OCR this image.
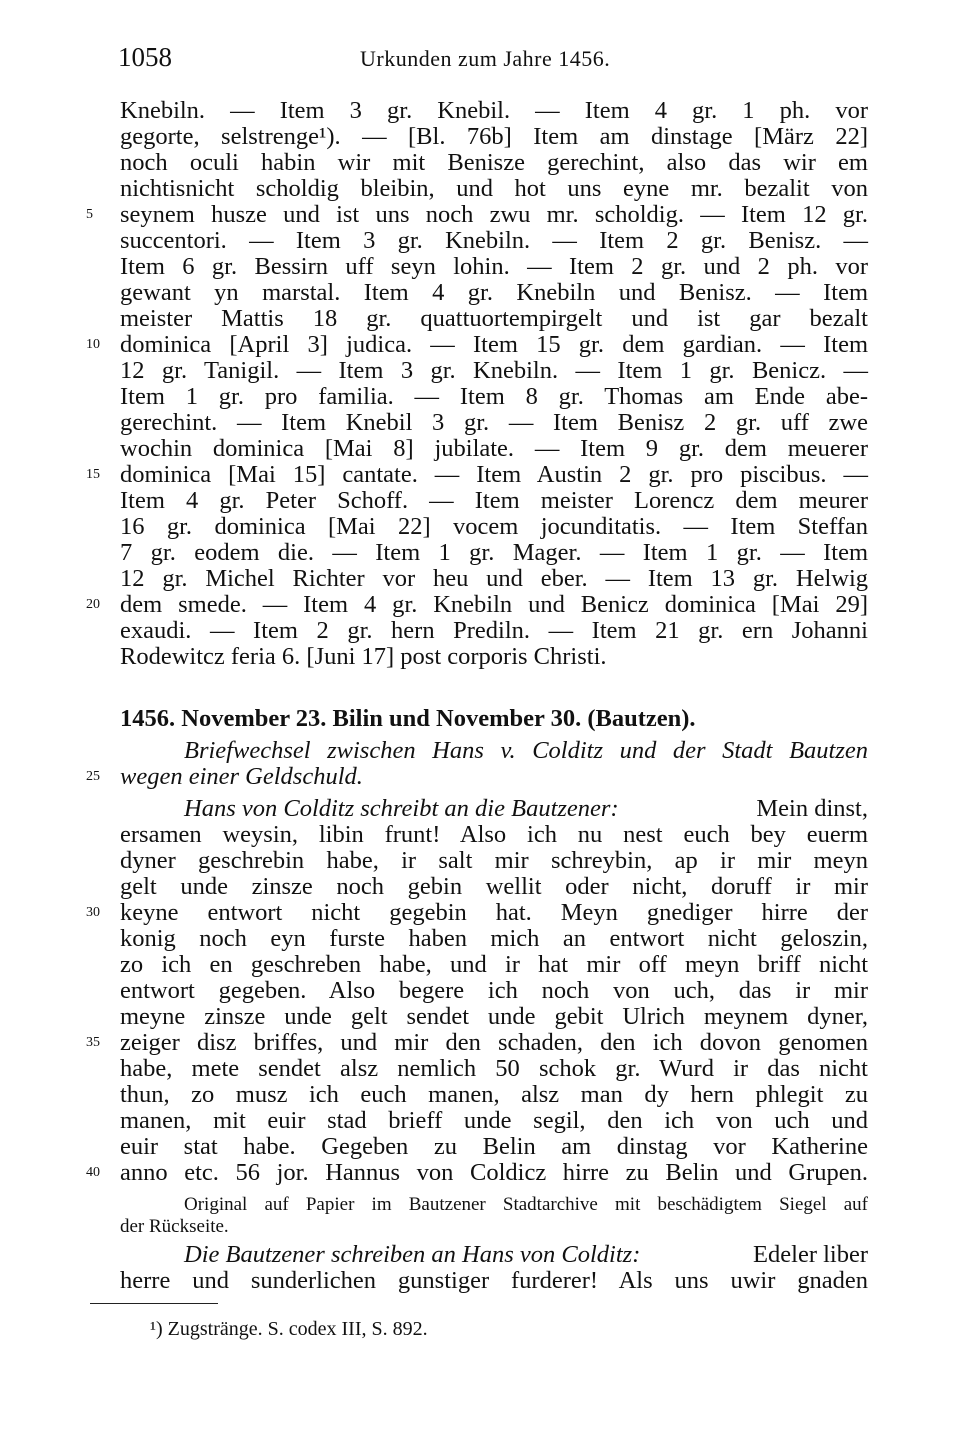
1058	Urkunden zum Jahre 1456.
Knebiln. — Item 3 gr. Knebil. — Item 4 gr. 1 ph. vor
gegorte, selstrenge¹). — [Bl. 76b] Item am dinstage [März 22]
noch oculi habin wir mit Benisze gerechint, also das wir em
nichtisnicht scholdig bleibin, und hot uns eyne mr. bezalit von
seynem husze und ist uns noch zwu mr. scholdig. — Item 12 gr.
succentori. — Item 3 gr. Knebiln. — Item 2 gr. Benisz. —
Item 6 gr. Bessirn uff seyn lohin. — Item 2 gr. und 2 ph. vor
gewant yn marstal. Item 4 gr. Knebiln und Benisz. — Item
meister Mattis 18 gr. quattuortempirgelt und ist gar bezalt
dominica [April 3] judica. — Item 15 gr. dem gardian. — Item
12 gr. Tanigil. — Item 3 gr. Knebiln. — Item 1 gr. Benicz. —
Item 1 gr. pro familia. — Item 8 gr. Thomas am Ende abe-
gerechint. — Item Knebil 3 gr. — Item Benisz 2 gr. uff zwe
wochin dominica [Mai 8] jubilate. — Item 9 gr. dem meuerer
dominica [Mai 15] cantate. — Item Austin 2 gr. pro piscibus. —
Item 4 gr. Peter Schoff. — Item meister Lorencz dem meurer
16 gr. dominica [Mai 22] vocem jocunditatis. — Item Steffan
7 gr. eodem die. — Item 1 gr. Mager. — Item 1 gr. — Item
12 gr. Michel Richter vor heu und eber. — Item 13 gr. Helwig
dem smede. — Item 4 gr. Knebiln und Benicz dominica [Mai 29]
exaudi. — Item 2 gr. hern Prediln. — Item 21 gr. ern Johanni
Rodewitcz feria 6. [Juni 17] post corporis Christi.
1456. November 23. Bilin und November 30. (Bautzen).
Briefwechsel zwischen Hans v. Colditz und der Stadt Bautzen
wegen einer Geldschuld.
Hans von Colditz schreibt an die Bautzener:	Mein dinst,
ersamen weysin, libin frunt! Also ich nu nest euch bey euerm
dyner geschrebin habe, ir salt mir schreybin, ap ir mir meyn
gelt unde zinsze noch gebin wellit oder nicht, doruff ir mir
keyne entwort nicht gegebin hat. Meyn gnediger hirre der
konig noch eyn furste haben mich an entwort nicht geloszin,
zo ich en geschreben habe, und ir hat mir off meyn briff nicht
entwort gegeben. Also begere ich noch von uch, das ir mir
meyne zinsze unde gelt sendet unde gebit Ulrich meynem dyner,
zeiger disz briffes, und mir den schaden, den ich dovon genomen
habe, mete sendet alsz nemlich 50 schok gr. Wurd ir das nicht
thun, zo musz ich euch manen, alsz man dy hern phlegit zu
manen, mit euir stad brieff unde segil, den ich von uch und
euir stat habe. Gegeben zu Belin am dinstag vor Katherine
anno etc. 56 jor. Hannus von Coldicz hirre zu Belin und Grupen.
Original auf Papier im Bautzener Stadtarchive mit beschädigtem Siegel auf
der Rückseite.
Die Bautzener schreiben an Hans von Colditz:	Edeler liber
herre und sunderlichen gunstiger furderer! Als uns uwir gnaden
5
10
15
20
25
30
35
40
¹) Zugstränge. S. codex III, S. 892.
